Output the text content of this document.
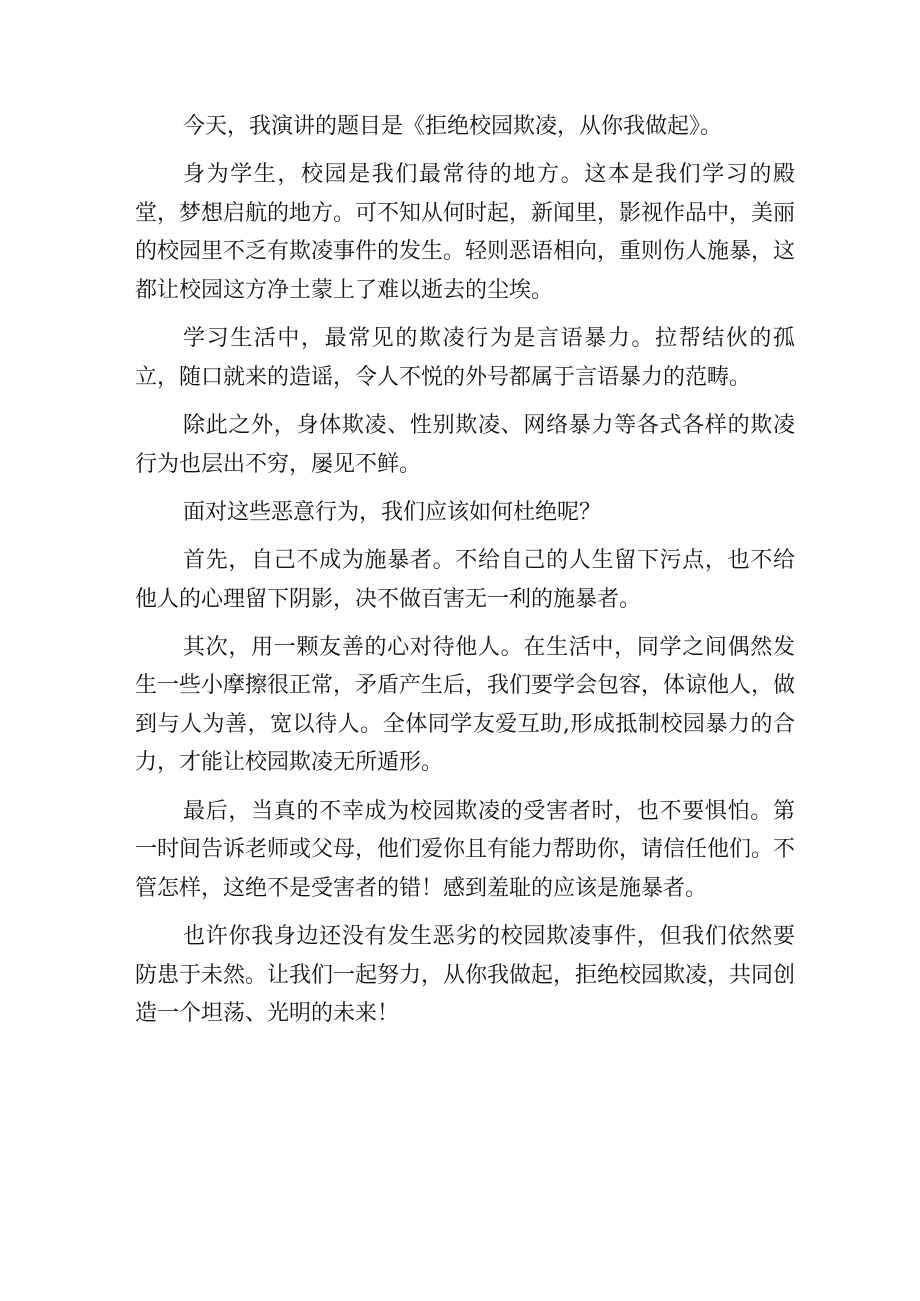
今天，我演讲的题目是《拒绝校园欺凌，从你我做起》。

身为学生，校园是我们最常待的地方。这本是我们学习的殿堂，梦想启航的地方。可不知从何时起，新闻里，影视作品中，美丽的校园里不乏有欺凌事件的发生。轻则恶语相向，重则伤人施暴，这都让校园这方净土蒙上了难以逝去的尘埃。

学习生活中，最常见的欺凌行为是言语暴力。拉帮结伙的孤立，随口就来的造谣，令人不悦的外号都属于言语暴力的范畴。

除此之外，身体欺凌、性别欺凌、网络暴力等各式各样的欺凌行为也层出不穷，屡见不鲜。

面对这些恶意行为，我们应该如何杜绝呢？

首先，自己不成为施暴者。不给自己的人生留下污点，也不给他人的心理留下阴影，决不做百害无一利的施暴者。

其次，用一颗友善的心对待他人。在生活中，同学之间偶然发生一些小摩擦很正常，矛盾产生后，我们要学会包容，体谅他人，做到与人为善，宽以待人。全体同学友爱互助,形成抵制校园暴力的合力，才能让校园欺凌无所遁形。

最后，当真的不幸成为校园欺凌的受害者时，也不要惧怕。第一时间告诉老师或父母，他们爱你且有能力帮助你，请信任他们。不管怎样，这绝不是受害者的错！感到羞耻的应该是施暴者。

也许你我身边还没有发生恶劣的校园欺凌事件，但我们依然要防患于未然。让我们一起努力，从你我做起，拒绝校园欺凌，共同创造一个坦荡、光明的未来！
